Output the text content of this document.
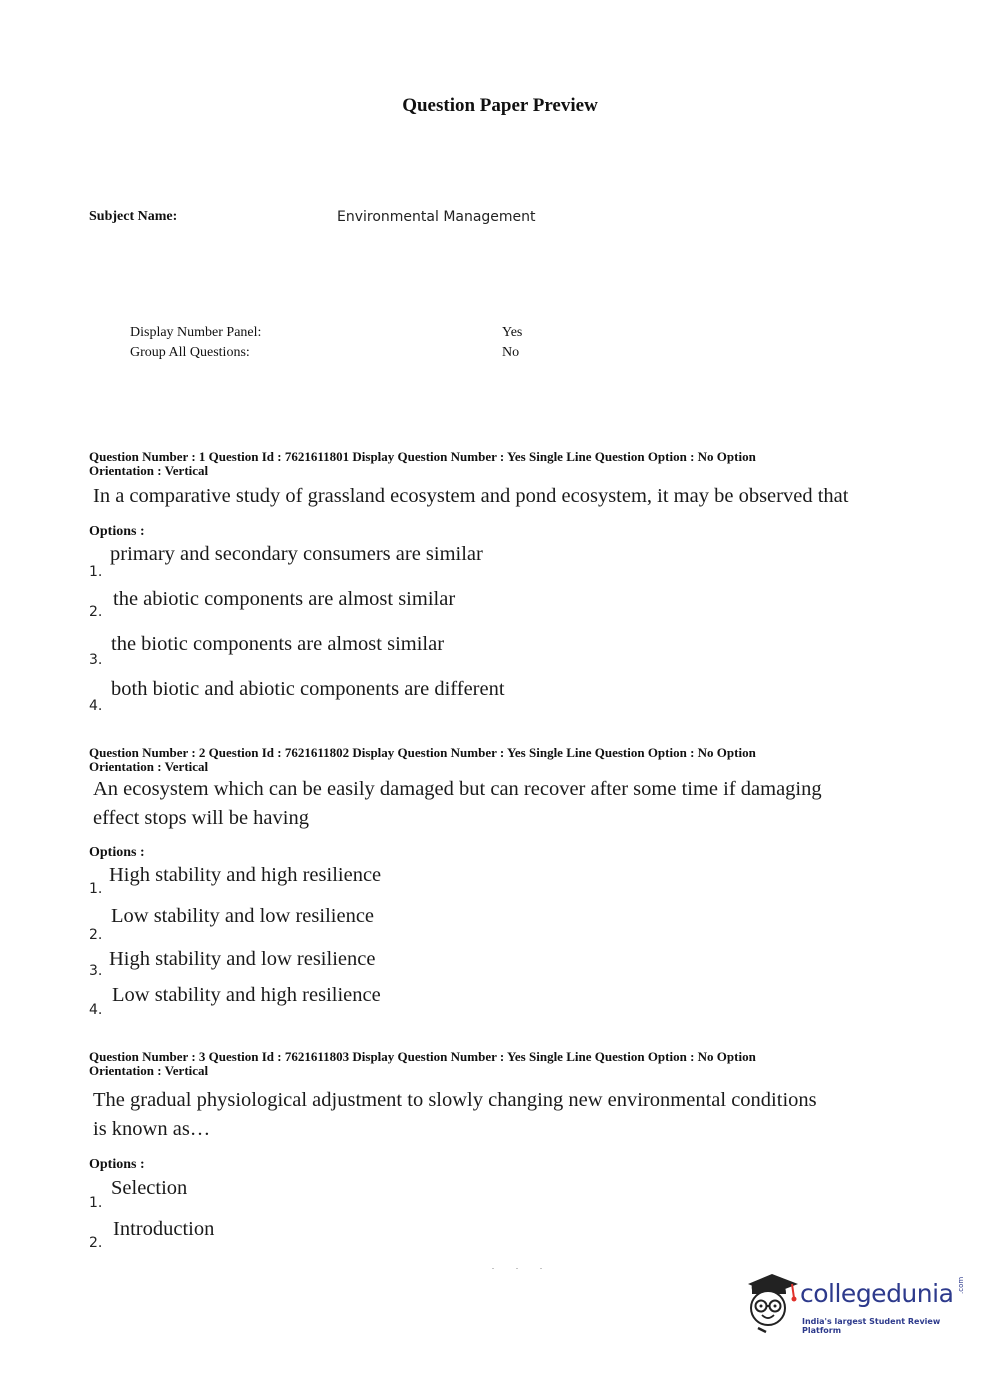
Question Paper Preview
Subject Name:	Environmental Management
Display Number Panel:	Yes
Group All Questions:	No
Question Number : 1 Question Id : 7621611801 Display Question Number : Yes Single Line Question Option : No Option
Orientation : Vertical
In a comparative study of grassland ecosystem and pond ecosystem, it may be observed that
Options :
1.
primary and secondary consumers are similar
2.
the abiotic components are almost similar
3.
the biotic components are almost similar
4.
both biotic and abiotic components are different
Question Number : 2 Question Id : 7621611802 Display Question Number : Yes Single Line Question Option : No Option
Orientation : Vertical
An ecosystem which can be easily damaged but can recover after some time if damaging
effect stops will be having
Options :
1.
High stability and high resilience
2.
Low stability and low resilience
3.
High stability and low resilience
4.
Low stability and high resilience
Question Number : 3 Question Id : 7621611803 Display Question Number : Yes Single Line Question Option : No Option
Orientation : Vertical
The gradual physiological adjustment to slowly changing new environmental conditions
is known as…
Options :
1.
Selection
2.
Introduction
. . .
collegedunia .com
India's largest Student Review Platform
